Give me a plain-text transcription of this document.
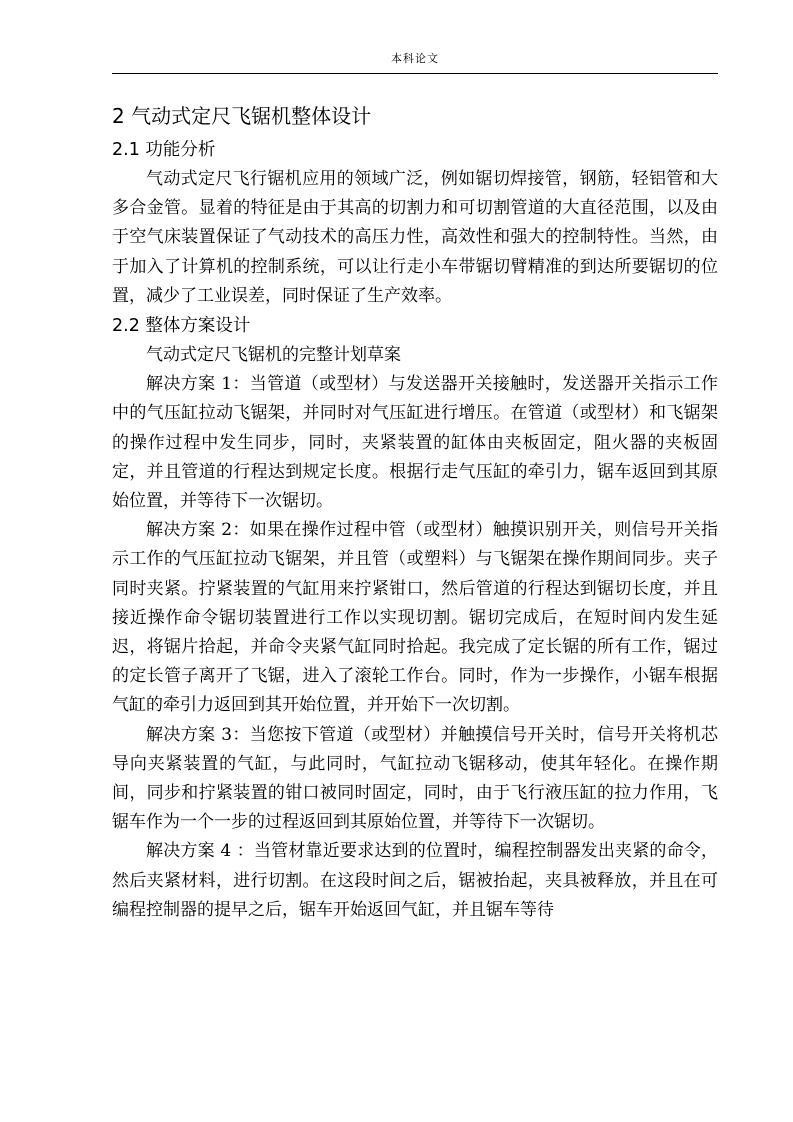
本科论文
2 气动式定尺飞锯机整体设计
2.1 功能分析

气动式定尺飞行锯机应用的领域广泛，例如锯切焊接管，钢筋，轻铝管和大多合金管。显着的特征是由于其高的切割力和可切割管道的大直径范围，以及由于空气床装置保证了气动技术的高压力性，高效性和强大的控制特性。当然，由于加入了计算机的控制系统，可以让行走小车带锯切臂精准的到达所要锯切的位置，减少了工业误差，同时保证了生产效率。

2.2 整体方案设计

气动式定尺飞锯机的完整计划草案

解决方案 1：当管道（或型材）与发送器开关接触时，发送器开关指示工作中的气压缸拉动飞锯架，并同时对气压缸进行增压。在管道（或型材）和飞锯架的操作过程中发生同步，同时，夹紧装置的缸体由夹板固定，阻火器的夹板固定，并且管道的行程达到规定长度。根据行走气压缸的牵引力，锯车返回到其原始位置，并等待下一次锯切。

解决方案 2：如果在操作过程中管（或型材）触摸识别开关，则信号开关指示工作的气压缸拉动飞锯架，并且管（或塑料）与飞锯架在操作期间同步。夹子同时夹紧。拧紧装置的气缸用来拧紧钳口，然后管道的行程达到锯切长度，并且接近操作命令锯切装置进行工作以实现切割。锯切完成后，在短时间内发生延迟，将锯片拾起，并命令夹紧气缸同时拾起。我完成了定长锯的所有工作，锯过的定长管子离开了飞锯，进入了滚轮工作台。同时，作为一步操作，小锯车根据气缸的牵引力返回到其开始位置，并开始下一次切割。

解决方案 3：当您按下管道（或型材）并触摸信号开关时，信号开关将机芯导向夹紧装置的气缸，与此同时，气缸拉动飞锯移动，使其年轻化。在操作期间，同步和拧紧装置的钳口被同时固定，同时，由于飞行液压缸的拉力作用，飞锯车作为一个一步的过程返回到其原始位置，并等待下一次锯切。

解决方案 4 ：当管材靠近要求达到的位置时，编程控制器发出夹紧的命令，然后夹紧材料，进行切割。在这段时间之后，锯被抬起，夹具被释放，并且在可编程控制器的提早之后，锯车开始返回气缸，并且锯车等待
